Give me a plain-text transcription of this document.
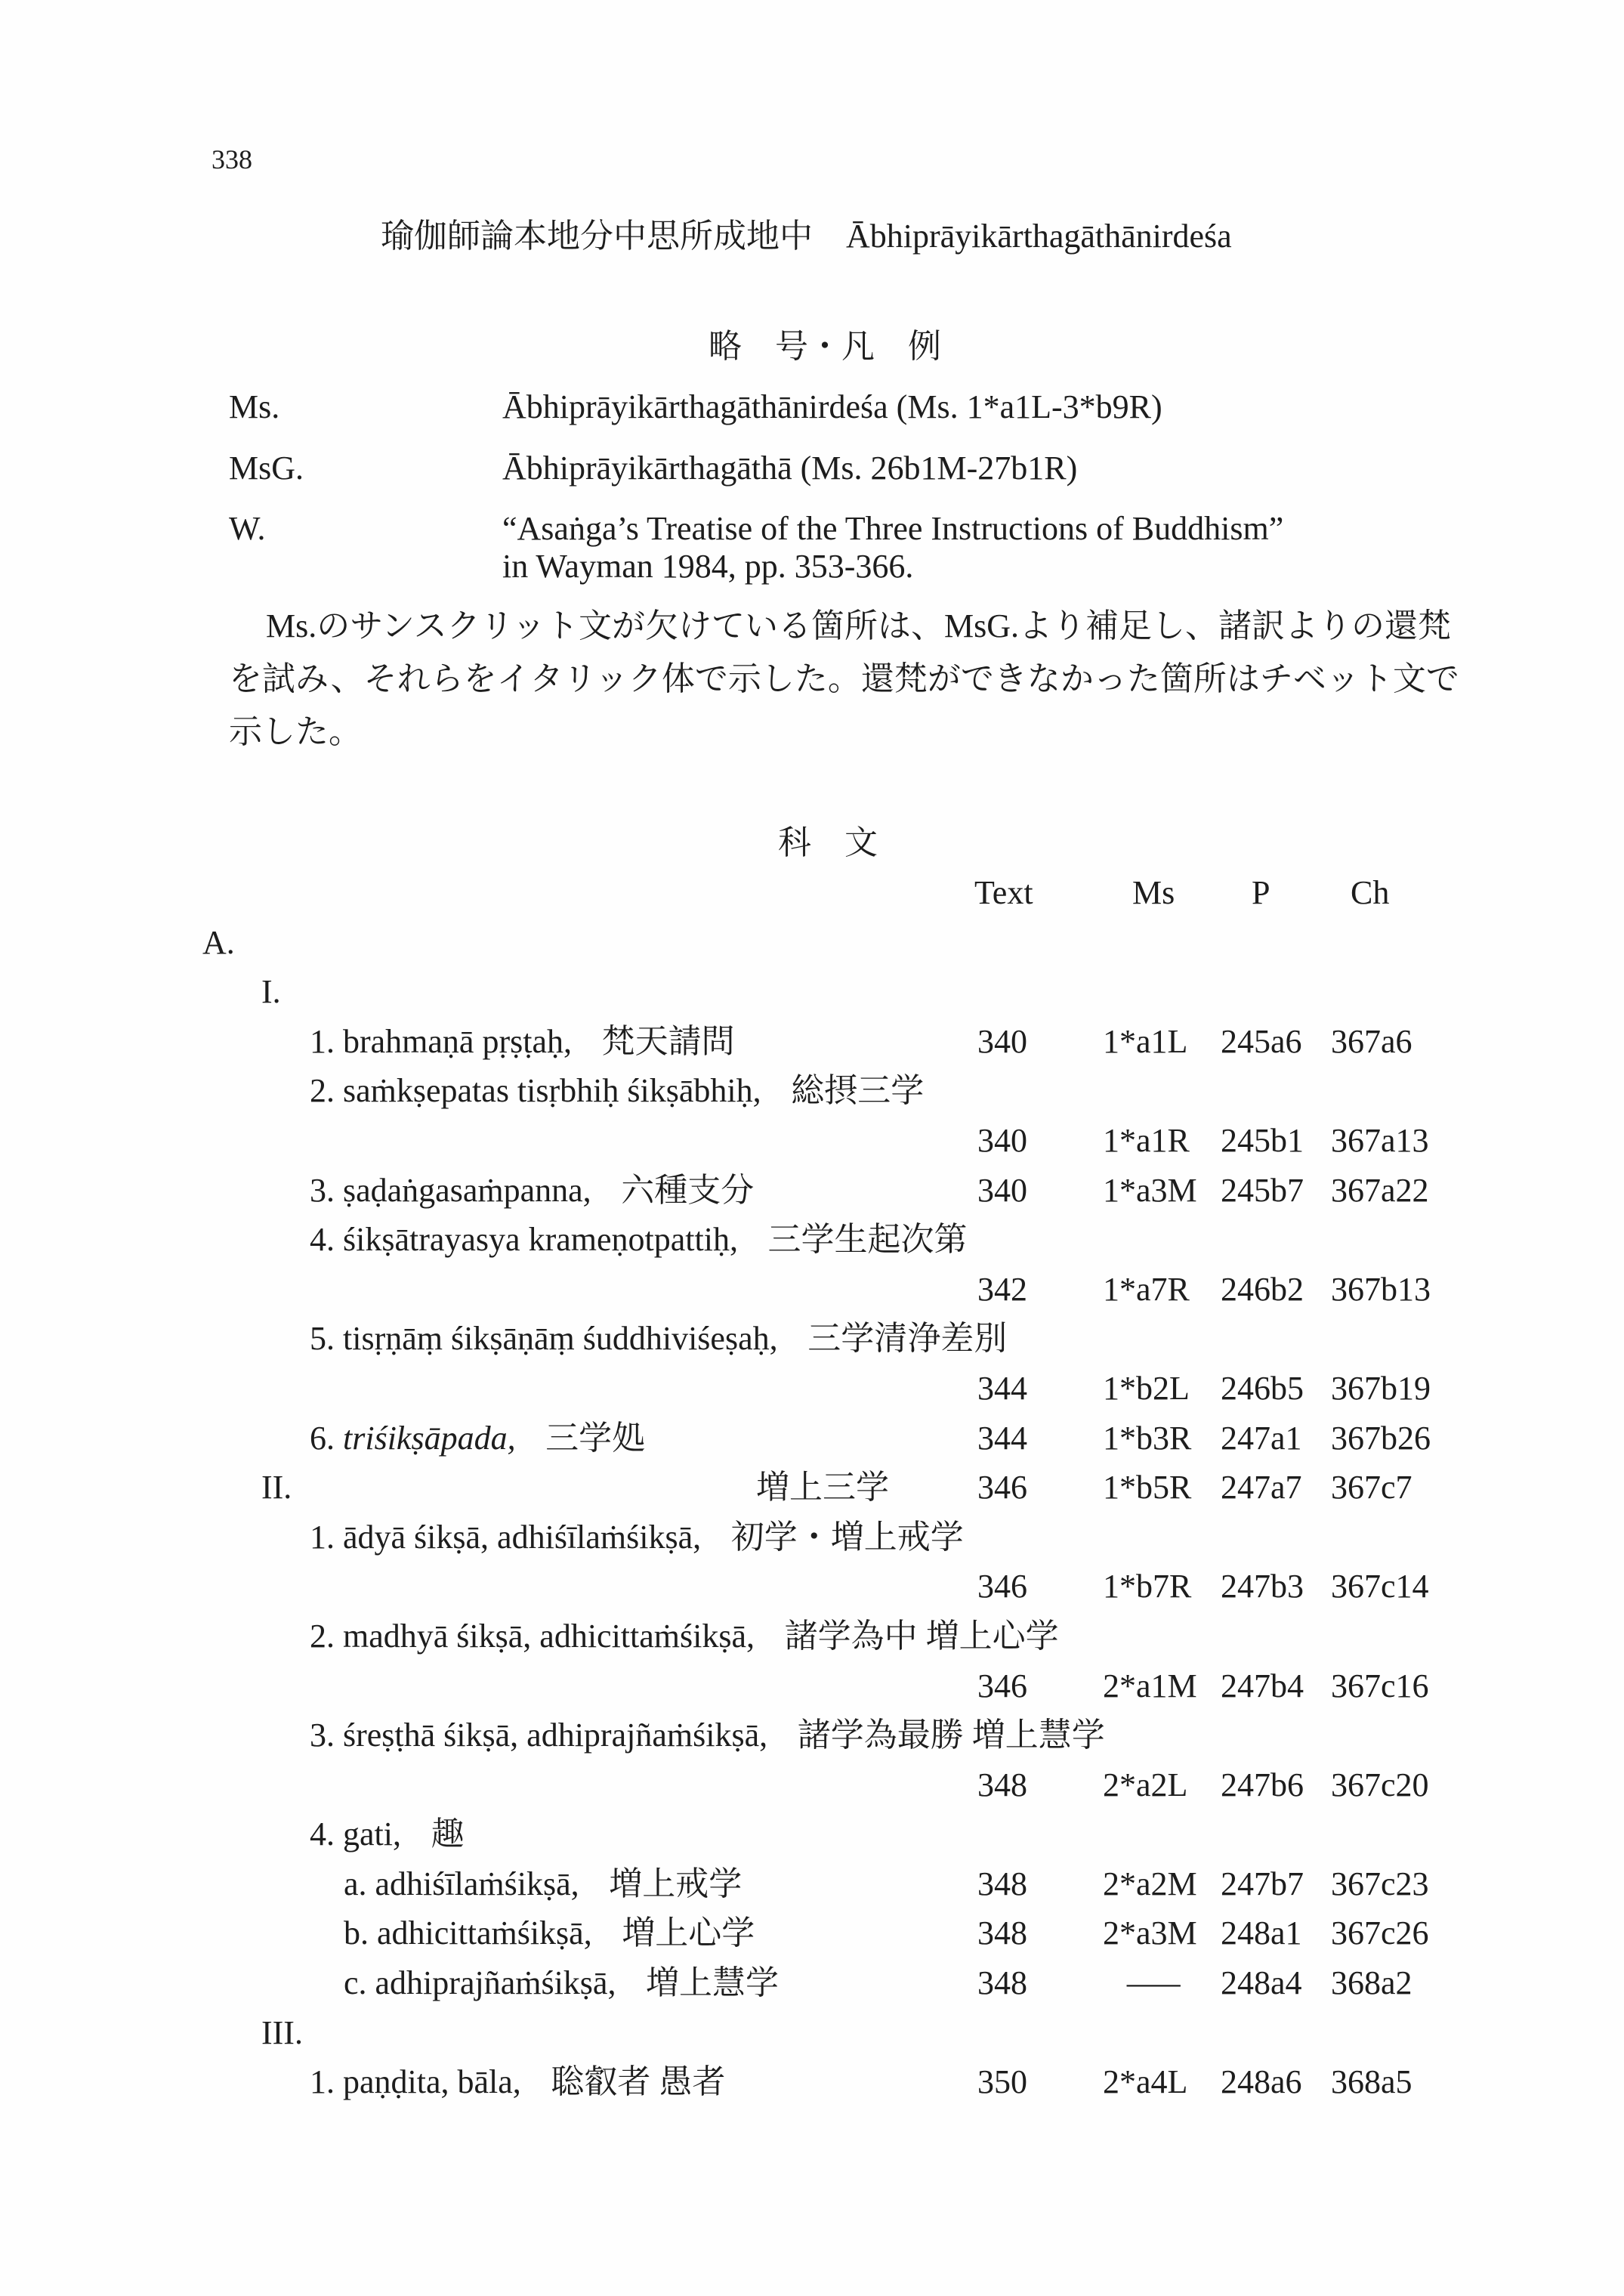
338
瑜伽師論本地分中思所成地中 Ābhiprāyikārthagāthānirdeśa
略　号・凡　例
Ms.	Ābhiprāyikārthagāthānirdeśa (Ms. 1*a1L-3*b9R)
MsG.	Ābhiprāyikārthagāthā (Ms. 26b1M-27b1R)
W.	“Asaṅga’s Treatise of the Three Instructions of Buddhism”
in Wayman 1984, pp. 353-366.
Ms.のサンスクリット文が欠けている箇所は、MsG.より補足し、諸訳よりの還梵
を試み、それらをイタリック体で示した。還梵ができなかった箇所はチベット文で
示した。
科　文
Text	Ms P Ch
A.
I.
1. brahmaṇā pṛṣṭaḥ, 梵天請問	340 1*a1L 245a6 367a6
2. saṁkṣepatas tisṛbhiḥ śikṣābhiḥ, 総摂三学
340 1*a1R 245b1 367a13
3. ṣaḍaṅgasaṁpanna, 六種支分	340 1*a3M 245b7 367a22
4. śikṣātrayasya krameṇotpattiḥ, 三学生起次第
342 1*a7R 246b2 367b13
5. tisṛṇāṃ śikṣāṇāṃ śuddhiviśeṣaḥ, 三学清浄差別
344 1*b2L 246b5 367b19
6. triśikṣāpada, 三学処	344 1*b3R 247a1 367b26
II.	増上三学	346 1*b5R 247a7 367c7
1. ādyā śikṣā, adhiśīlaṁśikṣā, 初学・増上戒学
346 1*b7R 247b3 367c14
2. madhyā śikṣā, adhicittaṁśikṣā, 諸学為中 増上心学
346 2*a1M 247b4 367c16
3. śreṣṭhā śikṣā, adhiprajñaṁśikṣā, 諸学為最勝 増上慧学
348 2*a2L 247b6 367c20
4. gati, 趣
a. adhiśīlaṁśikṣā, 増上戒学	348 2*a2M 247b7 367c23
b. adhicittaṁśikṣā, 増上心学	348 2*a3M 248a1 367c26
c. adhiprajñaṁśikṣā, 増上慧学	348	— 248a4 368a2
III.
1. paṇḍita, bāla, 聡叡者 愚者	350 2*a4L 248a6 368a5
